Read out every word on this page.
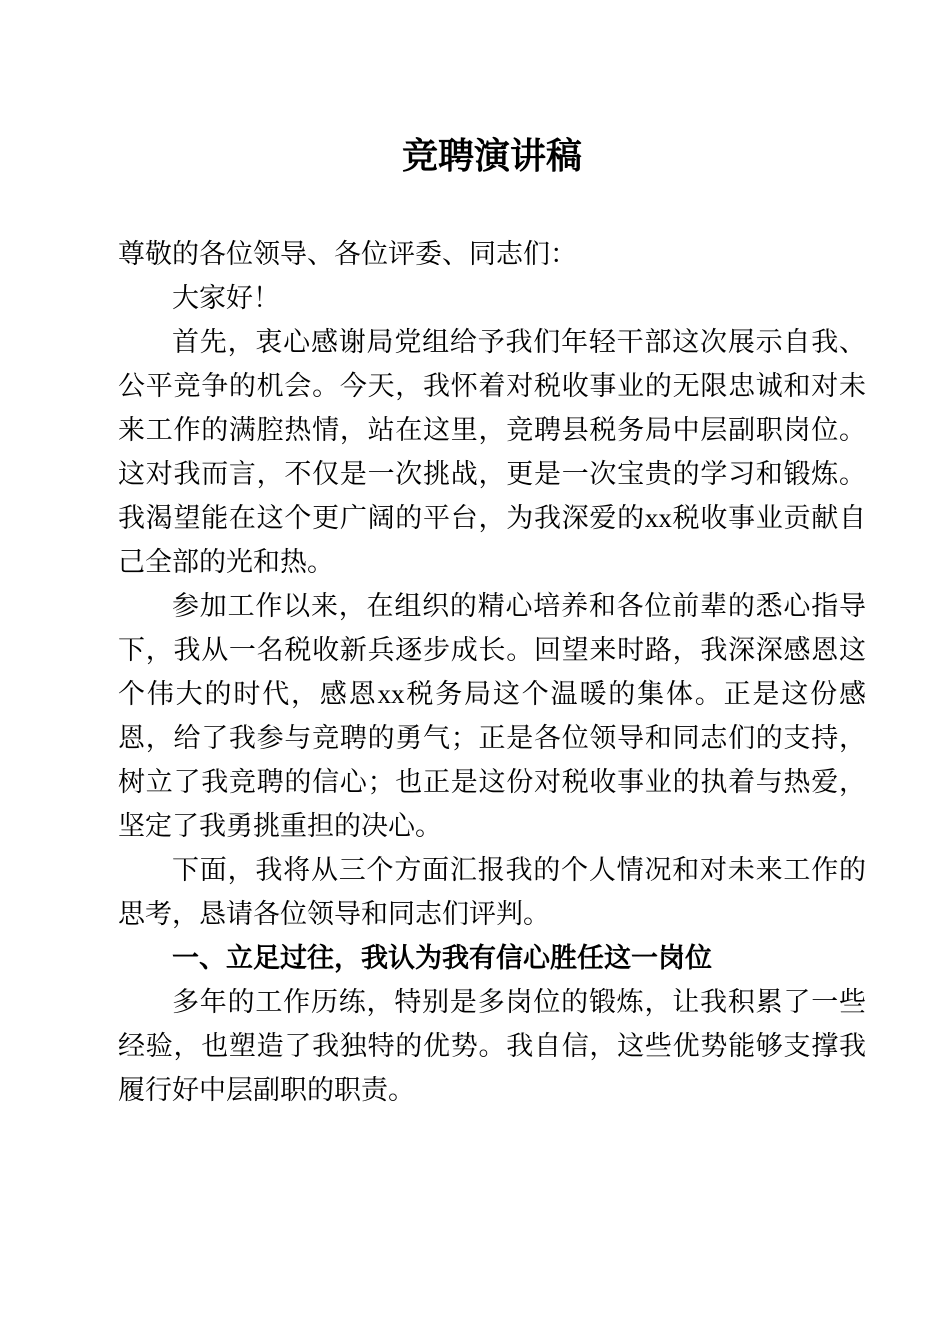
竞聘演讲稿

尊敬的各位领导、各位评委、同志们：

大家好！

首先，衷心感谢局党组给予我们年轻干部这次展示自我、公平竞争的机会。今天，我怀着对税收事业的无限忠诚和对未来工作的满腔热情，站在这里，竞聘县税务局中层副职岗位。这对我而言，不仅是一次挑战，更是一次宝贵的学习和锻炼。我渴望能在这个更广阔的平台，为我深爱的xx税收事业贡献自己全部的光和热。

参加工作以来，在组织的精心培养和各位前辈的悉心指导下，我从一名税收新兵逐步成长。回望来时路，我深深感恩这个伟大的时代，感恩xx税务局这个温暖的集体。正是这份感恩，给了我参与竞聘的勇气；正是各位领导和同志们的支持，树立了我竞聘的信心；也正是这份对税收事业的执着与热爱，坚定了我勇挑重担的决心。

下面，我将从三个方面汇报我的个人情况和对未来工作的思考，恳请各位领导和同志们评判。

一、立足过往，我认为我有信心胜任这一岗位

多年的工作历练，特别是多岗位的锻炼，让我积累了一些经验，也塑造了我独特的优势。我自信，这些优势能够支撑我履行好中层副职的职责。
